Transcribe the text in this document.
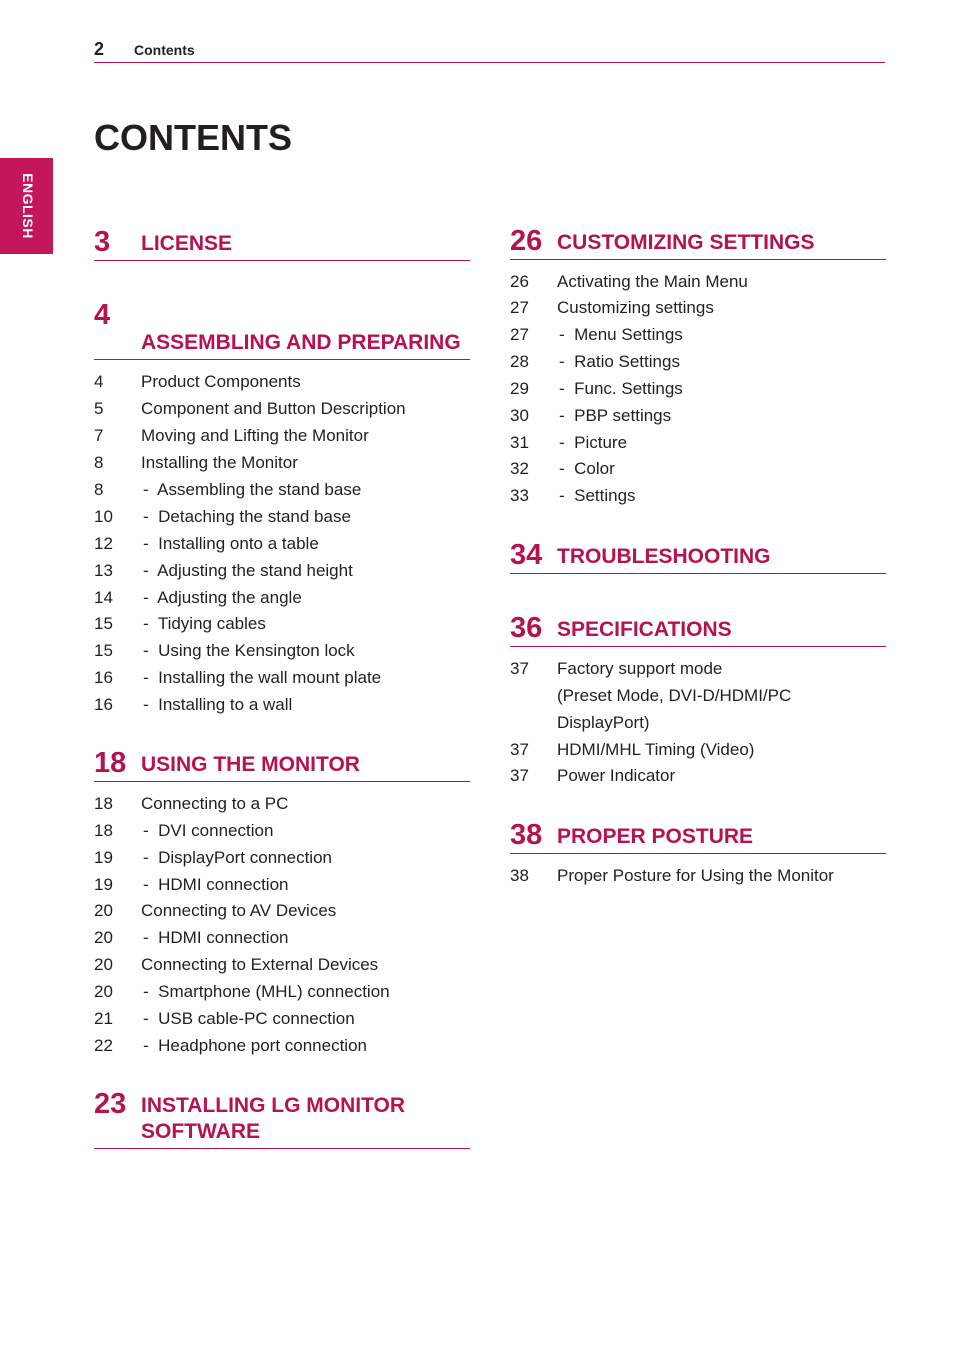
2 Contents
ENGLISH
CONTENTS
3 LICENSE
4
ASSEMBLING AND PREPARING
4 Product Components
5 Component and Button Description
7 Moving and Lifting the Monitor
8 Installing the Monitor
8	- Assembling the stand base
10	- Detaching the stand base
12	- Installing onto a table
13	- Adjusting the stand height
14	- Adjusting the angle
15	- Tidying cables
15	- Using the Kensington lock
16	- Installing the wall mount plate
16	- Installing to a wall
18 USING THE MONITOR
18 Connecting to a PC
18	- DVI connection
19	- DisplayPort connection
19	- HDMI connection
20 Connecting to AV Devices
20	- HDMI connection
20 Connecting to External Devices
20	- Smartphone (MHL) connection
21	- USB cable-PC connection
22	- Headphone port connection
23 INSTALLING LG MONITOR SOFTWARE
26 CUSTOMIZING SETTINGS
26 Activating the Main Menu
27 Customizing settings
27	- Menu Settings
28	- Ratio Settings
29	- Func. Settings
30	- PBP settings
31	- Picture
32	- Color
33	- Settings
34 TROUBLESHOOTING
36 SPECIFICATIONS
37 Factory support mode
(Preset Mode, DVI-D/HDMI/PC
DisplayPort)
37 HDMI/MHL Timing (Video)
37 Power Indicator
38 PROPER POSTURE
38 Proper Posture for Using the Monitor
